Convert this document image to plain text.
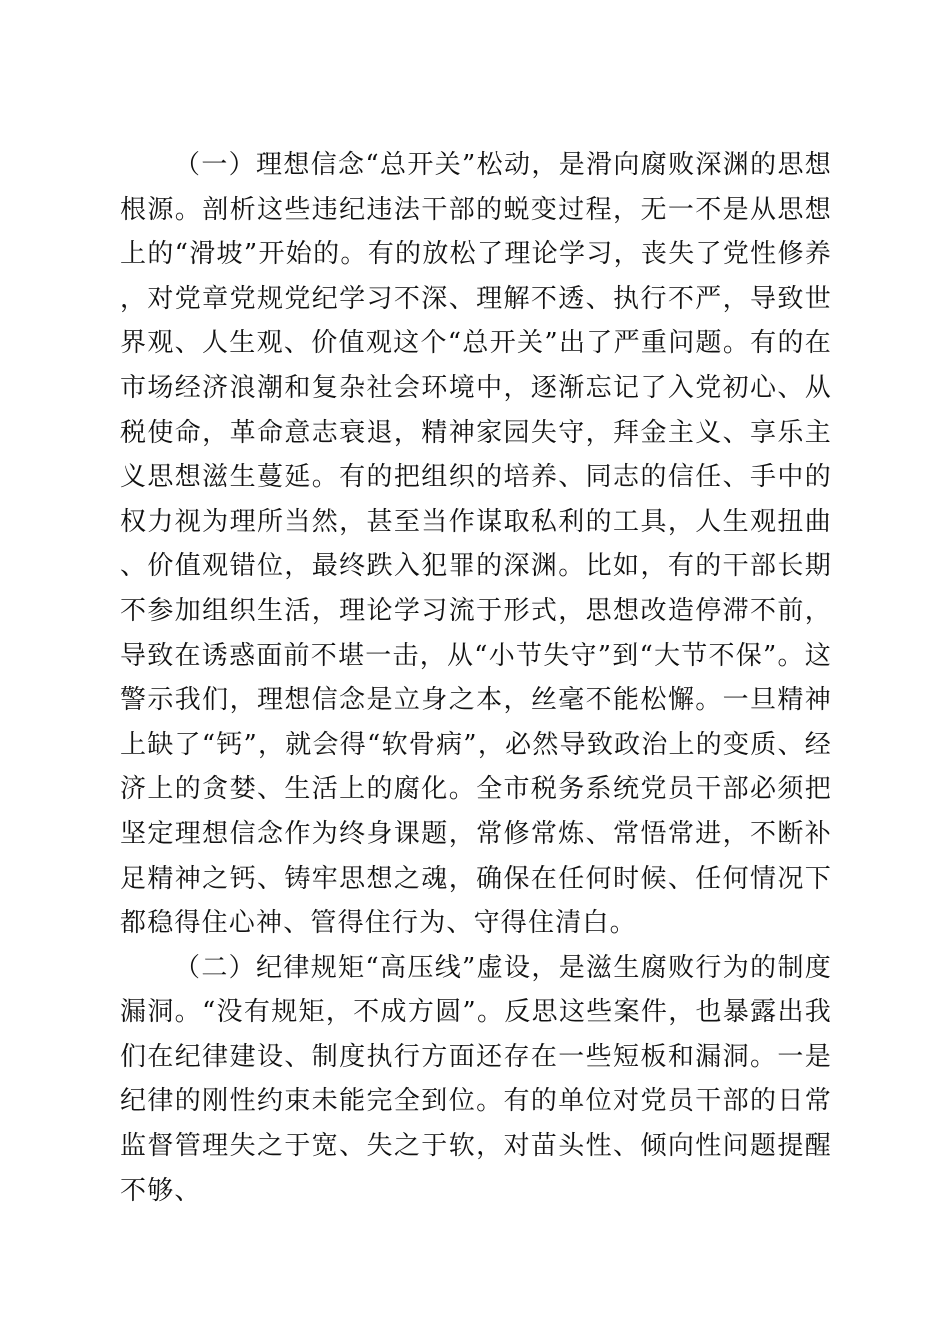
（一）理想信念“总开关”松动，是滑向腐败深渊的思想根源。剖析这些违纪违法干部的蜕变过程，无一不是从思想上的“滑坡”开始的。有的放松了理论学习，丧失了党性修养，对党章党规党纪学习不深、理解不透、执行不严，导致世界观、人生观、价值观这个“总开关”出了严重问题。有的在市场经济浪潮和复杂社会环境中，逐渐忘记了入党初心、从税使命，革命意志衰退，精神家园失守，拜金主义、享乐主义思想滋生蔓延。有的把组织的培养、同志的信任、手中的权力视为理所当然，甚至当作谋取私利的工具，人生观扭曲、价值观错位，最终跌入犯罪的深渊。比如，有的干部长期不参加组织生活，理论学习流于形式，思想改造停滞不前，导致在诱惑面前不堪一击，从“小节失守”到“大节不保”。这警示我们，理想信念是立身之本，丝毫不能松懈。一旦精神上缺了“钙”，就会得“软骨病”，必然导致政治上的变质、经济上的贪婪、生活上的腐化。全市税务系统党员干部必须把坚定理想信念作为终身课题，常修常炼、常悟常进，不断补足精神之钙、铸牢思想之魂，确保在任何时候、任何情况下都稳得住心神、管得住行为、守得住清白。

（二）纪律规矩“高压线”虚设，是滋生腐败行为的制度漏洞。“没有规矩，不成方圆”。反思这些案件，也暴露出我们在纪律建设、制度执行方面还存在一些短板和漏洞。一是纪律的刚性约束未能完全到位。有的单位对党员干部的日常监督管理失之于宽、失之于软，对苗头性、倾向性问题提醒不够、
